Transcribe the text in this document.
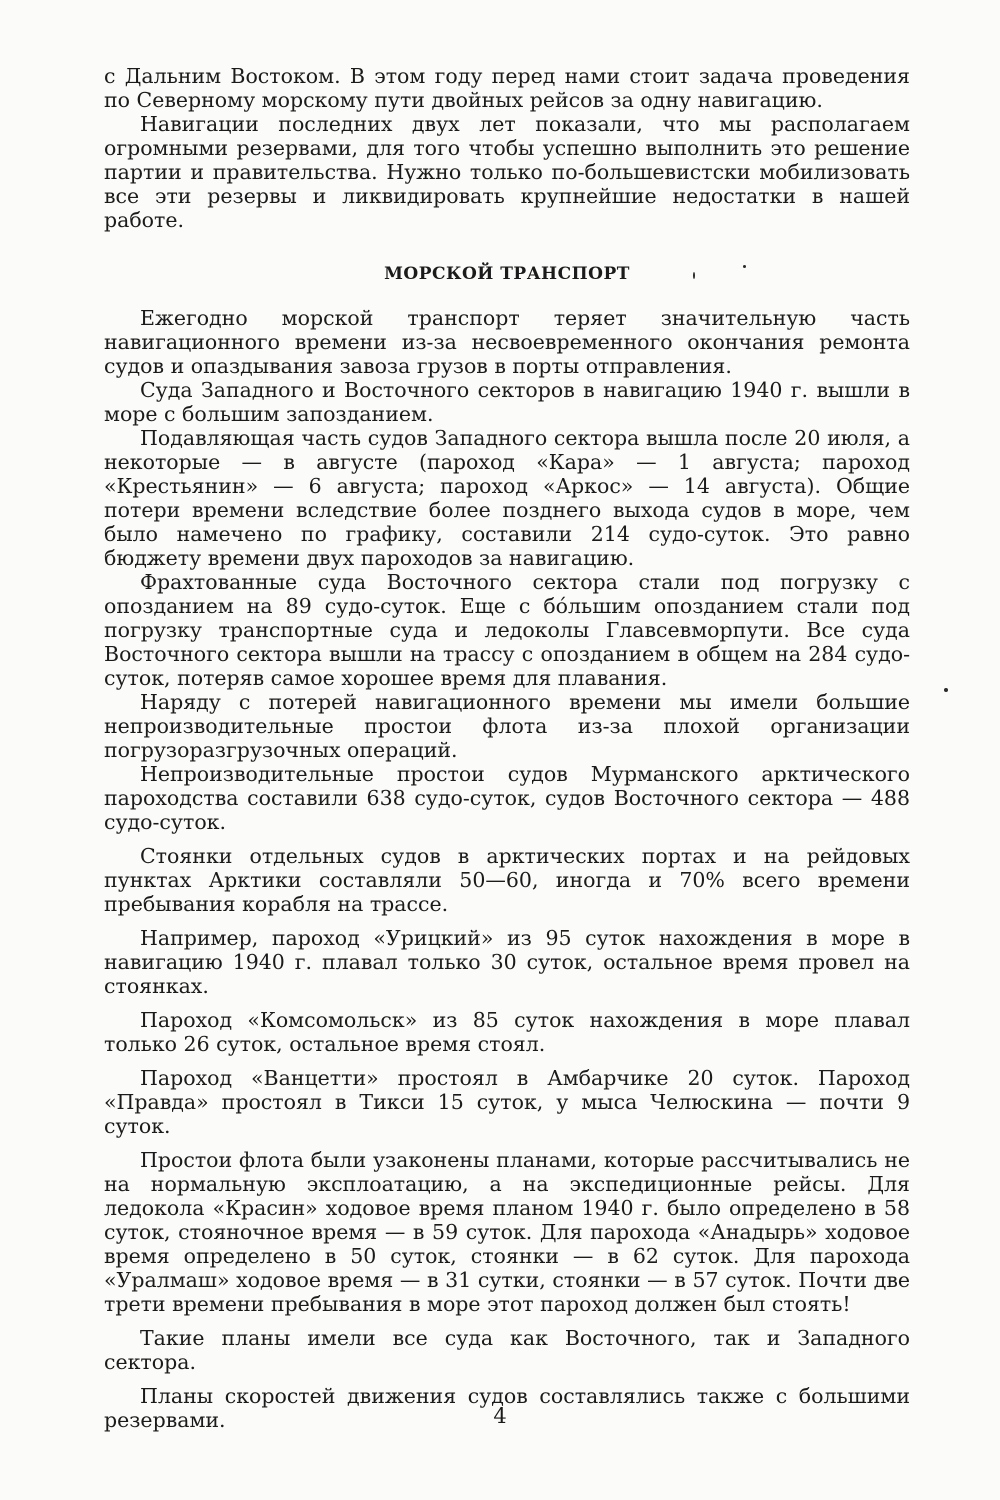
с Дальним Востоком. В этом году перед нами стоит задача проведения по Северному морскому пути двойных рейсов за одну навигацию.

Навигации последних двух лет показали, что мы располагаем огромными резервами, для того чтобы успешно выполнить это решение партии и правительства. Нужно только по-большевистски мобилизовать все эти резервы и ликвидировать крупнейшие недостатки в нашей работе.

МОРСКОЙ ТРАНСПОРТ

Ежегодно морской транспорт теряет значительную часть навигационного времени из-за несвоевременного окончания ремонта судов и опаздывания завоза грузов в порты отправления.

Суда Западного и Восточного секторов в навигацию 1940 г. вышли в море с большим запозданием.

Подавляющая часть судов Западного сектора вышла после 20 июля, а некоторые — в августе (пароход «Кара» — 1 августа; пароход «Крестьянин» — 6 августа; пароход «Аркос» — 14 августа). Общие потери времени вследствие более позднего выхода судов в море, чем было намечено по графику, составили 214 судо-суток. Это равно бюджету времени двух пароходов за навигацию.

Фрахтованные суда Восточного сектора стали под погрузку с опозданием на 89 судо-суток. Еще с бо́льшим опозданием стали под погрузку транспортные суда и ледоколы Главсевморпути. Все суда Восточного сектора вышли на трассу с опозданием в общем на 284 судо-суток, потеряв самое хорошее время для плавания.

Наряду с потерей навигационного времени мы имели большие непроизводительные простои флота из-за плохой организации погрузоразгрузочных операций.

Непроизводительные простои судов Мурманского арктического пароходства составили 638 судо-суток, судов Восточного сектора — 488 судо-суток.

Стоянки отдельных судов в арктических портах и на рейдовых пунктах Арктики составляли 50—60, иногда и 70% всего времени пребывания корабля на трассе.

Например, пароход «Урицкий» из 95 суток нахождения в море в навигацию 1940 г. плавал только 30 суток, остальное время провел на стоянках.

Пароход «Комсомольск» из 85 суток нахождения в море плавал только 26 суток, остальное время стоял.

Пароход «Ванцетти» простоял в Амбарчике 20 суток. Пароход «Правда» простоял в Тикси 15 суток, у мыса Челюскина — почти 9 суток.

Простои флота были узаконены планами, которые рассчитывались не на нормальную эксплоатацию, а на экспедиционные рейсы. Для ледокола «Красин» ходовое время планом 1940 г. было определено в 58 суток, стояночное время — в 59 суток. Для парохода «Анадырь» ходовое время определено в 50 суток, стоянки — в 62 суток. Для парохода «Уралмаш» ходовое время — в 31 сутки, стоянки — в 57 суток. Почти две трети времени пребывания в море этот пароход должен был стоять!

Такие планы имели все суда как Восточного, так и Западного сектора.

Планы скоростей движения судов составлялись также с большими резервами.	4
